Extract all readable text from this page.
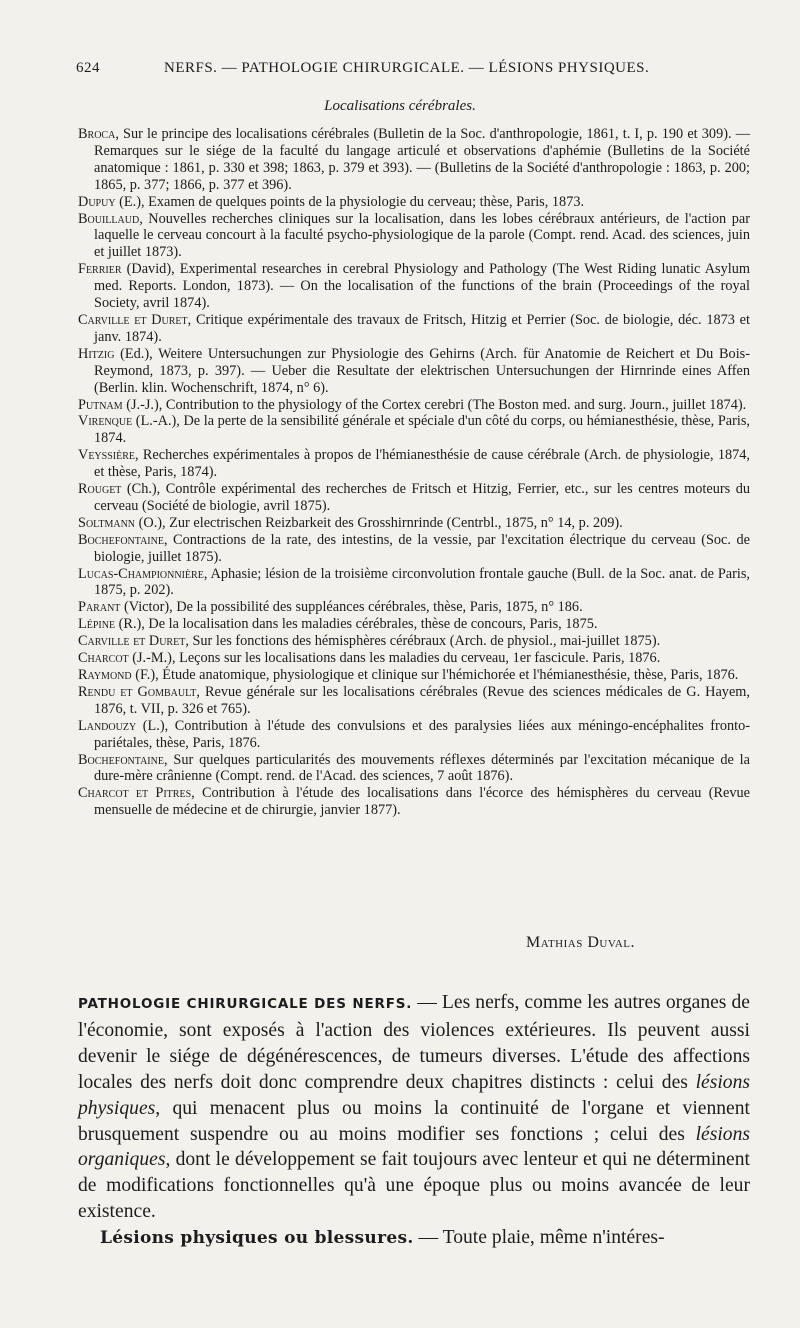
624	NERFS. — PATHOLOGIE CHIRURGICALE. — LÉSIONS PHYSIQUES.
Localisations cérébrales.
Broca, Sur le principe des localisations cérébrales (Bulletin de la Soc. d'anthropologie, 1861, t. I, p. 190 et 309). — Remarques sur le siége de la faculté du langage articulé et observations d'aphémie (Bulletins de la Société anatomique : 1861, p. 330 et 398; 1863, p. 379 et 393). — (Bulletins de la Société d'anthropologie : 1863, p. 200; 1865, p. 377; 1866, p. 377 et 396).
Dupuy (E.), Examen de quelques points de la physiologie du cerveau; thèse, Paris, 1873.
Bouillaud, Nouvelles recherches cliniques sur la localisation, dans les lobes cérébraux antérieurs, de l'action par laquelle le cerveau concourt à la faculté psycho-physiologique de la parole (Compt. rend. Acad. des sciences, juin et juillet 1873).
Ferrier (David), Experimental researches in cerebral Physiology and Pathology (The West Riding lunatic Asylum med. Reports. London, 1873). — On the localisation of the functions of the brain (Proceedings of the royal Society, avril 1874).
Carville et Duret, Critique expérimentale des travaux de Fritsch, Hitzig et Perrier (Soc. de biologie, déc. 1873 et janv. 1874).
Hitzig (Ed.), Weitere Untersuchungen zur Physiologie des Gehirns (Arch. für Anatomie de Reichert et Du Bois-Reymond, 1873, p. 397). — Ueber die Resultate der elektrischen Untersuchungen der Hirnrinde eines Affen (Berlin. klin. Wochenschrift, 1874, n° 6).
Putnam (J.-J.), Contribution to the physiology of the Cortex cerebri (The Boston med. and surg. Journ., juillet 1874).
Virenque (L.-A.), De la perte de la sensibilité générale et spéciale d'un côté du corps, ou hémianesthésie, thèse, Paris, 1874.
Veyssière, Recherches expérimentales à propos de l'hémianesthésie de cause cérébrale (Arch. de physiologie, 1874, et thèse, Paris, 1874).
Rouget (Ch.), Contrôle expérimental des recherches de Fritsch et Hitzig, Ferrier, etc., sur les centres moteurs du cerveau (Société de biologie, avril 1875).
Soltmann (O.), Zur electrischen Reizbarkeit des Grosshirnrinde (Centrbl., 1875, n° 14, p. 209).
Bochefontaine, Contractions de la rate, des intestins, de la vessie, par l'excitation électrique du cerveau (Soc. de biologie, juillet 1875).
Lucas-Championnière, Aphasie; lésion de la troisième circonvolution frontale gauche (Bull. de la Soc. anat. de Paris, 1875, p. 202).
Parant (Victor), De la possibilité des suppléances cérébrales, thèse, Paris, 1875, n° 186.
Lépine (R.), De la localisation dans les maladies cérébrales, thèse de concours, Paris, 1875.
Carville et Duret, Sur les fonctions des hémisphères cérébraux (Arch. de physiol., mai-juillet 1875).
Charcot (J.-M.), Leçons sur les localisations dans les maladies du cerveau, 1er fascicule. Paris, 1876.
Raymond (F.), Étude anatomique, physiologique et clinique sur l'hémichorée et l'hémianesthésie, thèse, Paris, 1876.
Rendu et Gombault, Revue générale sur les localisations cérébrales (Revue des sciences médicales de G. Hayem, 1876, t. VII, p. 326 et 765).
Landouzy (L.), Contribution à l'étude des convulsions et des paralysies liées aux méningo-encéphalites fronto-pariétales, thèse, Paris, 1876.
Bochefontaine, Sur quelques particularités des mouvements réflexes déterminés par l'excitation mécanique de la dure-mère crânienne (Compt. rend. de l'Acad. des sciences, 7 août 1876).
Charcot et Pitres, Contribution à l'étude des localisations dans l'écorce des hémisphères du cerveau (Revue mensuelle de médecine et de chirurgie, janvier 1877).
Mathias Duval.

PATHOLOGIE CHIRURGICALE DES NERFS. — Les nerfs, comme les autres organes de l'économie, sont exposés à l'action des violences extérieures. Ils peuvent aussi devenir le siége de dégénérescences, de tumeurs diverses. L'étude des affections locales des nerfs doit donc comprendre deux chapitres distincts : celui des lésions physiques, qui menacent plus ou moins la continuité de l'organe et viennent brusquement suspendre ou au moins modifier ses fonctions ; celui des lésions organiques, dont le développement se fait toujours avec lenteur et qui ne déterminent de modifications fonctionnelles qu'à une époque plus ou moins avancée de leur existence.

Lésions physiques ou blessures. — Toute plaie, même n'intéres-
